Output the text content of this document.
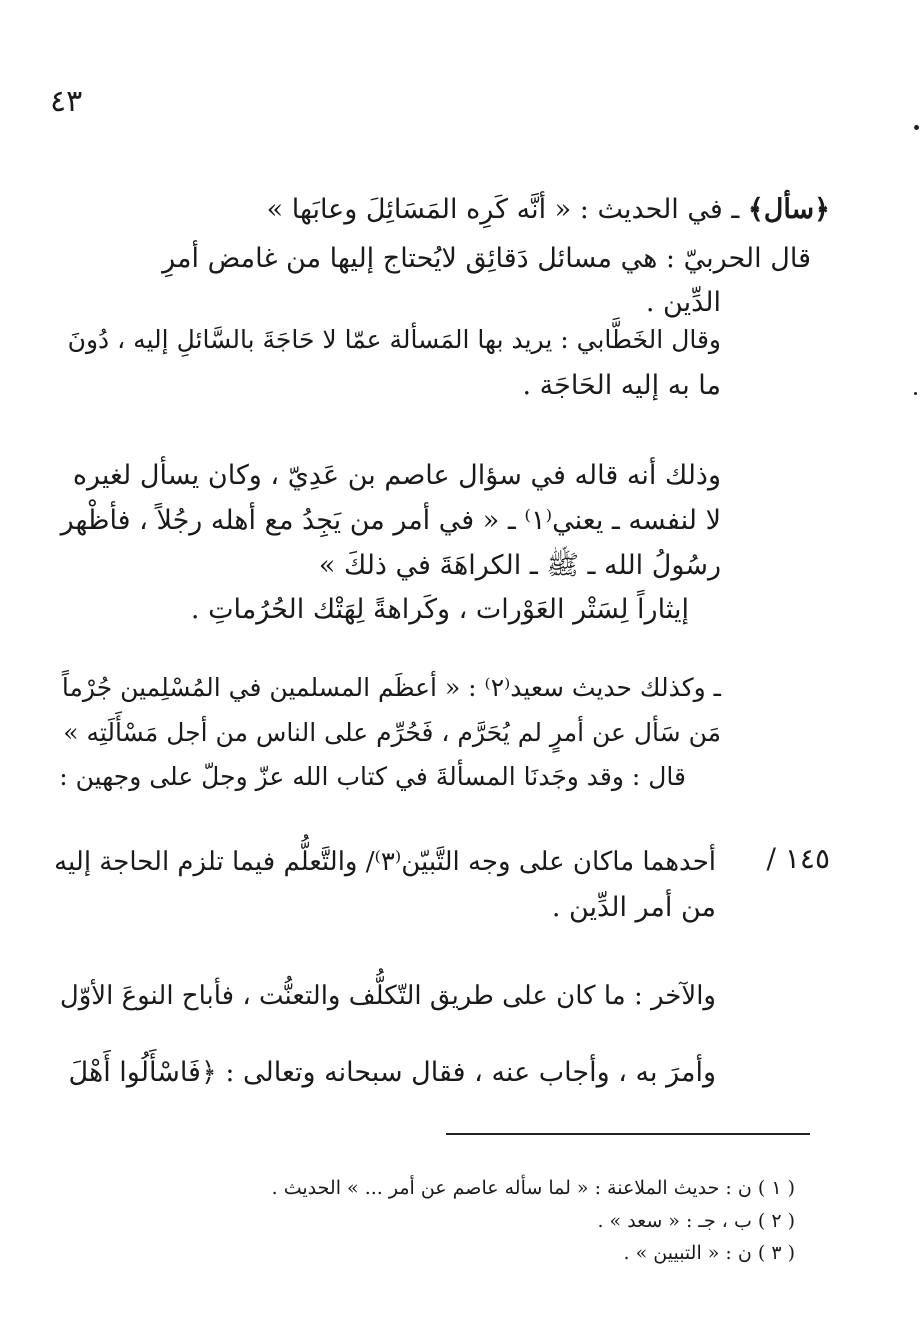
٤٣
﴿سأل﴾ ـ في الحديث : « أنَّه كَرِه المَسَائِلَ وعابَها »
قال الحربيّ : هي مسائل دَقائِق لايُحتاج إليها من غامض أمرِ
الدِّين .
وقال الخَطَّابي : يريد بها المَسألة عمّا لا حَاجَةَ بالسَّائلِ إليه ، دُونَ
ما به إليه الحَاجَة .
وذلك أنه قاله في سؤال عاصم بن عَدِيّ ، وكان يسأل لغيره
لا لنفسه ـ يعني⁽١⁾ ـ « في أمر من يَجِدُ مع أهله رجُلاً ، فأظْهر
رسُولُ الله ـ ﷺ ـ الكراهَةَ في ذلكَ »
إيثاراً لِسَتْر العَوْرات ، وكَراهةً لِهَتْك الحُرُماتِ .
ـ وكذلك حديث سعيد⁽٢⁾ : « أعظَم المسلمين في المُسْلِمين جُرْماً
مَن سَأل عن أمرٍ لم يُحَرَّم ، فَحُرِّم على الناس من أجل مَسْأَلَتِه »
قال : وقد وجَدنَا المسألةَ في كتاب الله عزّ وجلّ على وجهين :
١٤٥ /
أحدهما ماكان على وجه التَّبيّن⁽٣⁾/ والتَّعلُّم فيما تلزم الحاجة إليه
من أمر الدِّين .
والآخر : ما كان على طريق التّكلُّف والتعنُّت ، فأباح النوعَ الأوّل
وأمرَ به ، وأجاب عنه ، فقال سبحانه وتعالى : ﴿فَاسْأَلُوا أَهْلَ
( ١ ) ن : حديث الملاعنة : « لما سأله عاصم عن أمر ... » الحديث .
( ٢ ) ب ، جـ : « سعد » .
( ٣ ) ن : « التبيين » .
